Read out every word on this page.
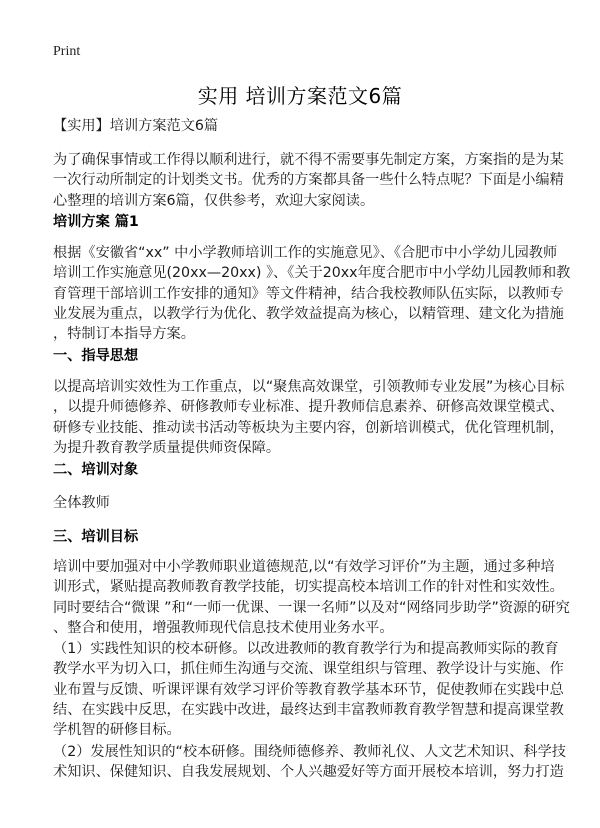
Print
实用 培训方案范文6篇
【实用】培训方案范文6篇
为了确保事情或工作得以顺利进行，就不得不需要事先制定方案，方案指的是为某
一次行动所制定的计划类文书。优秀的方案都具备一些什么特点呢？下面是小编精
心整理的培训方案6篇，仅供参考，欢迎大家阅读。
培训方案 篇1
根据《安徽省“xx” 中小学教师培训工作的实施意见》、《合肥市中小学幼儿园教师
培训工作实施意见(20xx—20xx) 》、《关于20xx年度合肥市中小学幼儿园教师和教
育管理干部培训工作安排的通知》等文件精神，结合我校教师队伍实际，以教师专
业发展为重点，以教学行为优化、教学效益提高为核心，以精管理、建文化为措施
，特制订本指导方案。
一、指导思想
以提高培训实效性为工作重点，以“聚焦高效课堂，引领教师专业发展”为核心目标
，以提升师德修养、研修教师专业标准、提升教师信息素养、研修高效课堂模式、
研修专业技能、推动读书活动等板块为主要内容，创新培训模式，优化管理机制，
为提升教育教学质量提供师资保障。
二、培训对象
全体教师
三、培训目标
培训中要加强对中小学教师职业道德规范,以“有效学习评价”为主题，通过多种培
训形式，紧贴提高教师教育教学技能，切实提高校本培训工作的针对性和实效性。
同时要结合“微课 ”和“一师一优课、一课一名师”以及对“网络同步助学”资源的研究
、整合和使用，增强教师现代信息技术使用业务水平。
（1）实践性知识的校本研修。以改进教师的教育教学行为和提高教师实际的教育
教学水平为切入口，抓住师生沟通与交流、课堂组织与管理、教学设计与实施、作
业布置与反馈、听课评课有效学习评价等教育教学基本环节，促使教师在实践中总
结、在实践中反思，在实践中改进，最终达到丰富教师教育教学智慧和提高课堂教
学机智的研修目标。
（2）发展性知识的“校本研修。围绕师德修养、教师礼仪、人文艺术知识、科学技
术知识、保健知识、自我发展规划、个人兴趣爱好等方面开展校本培训，努力打造
